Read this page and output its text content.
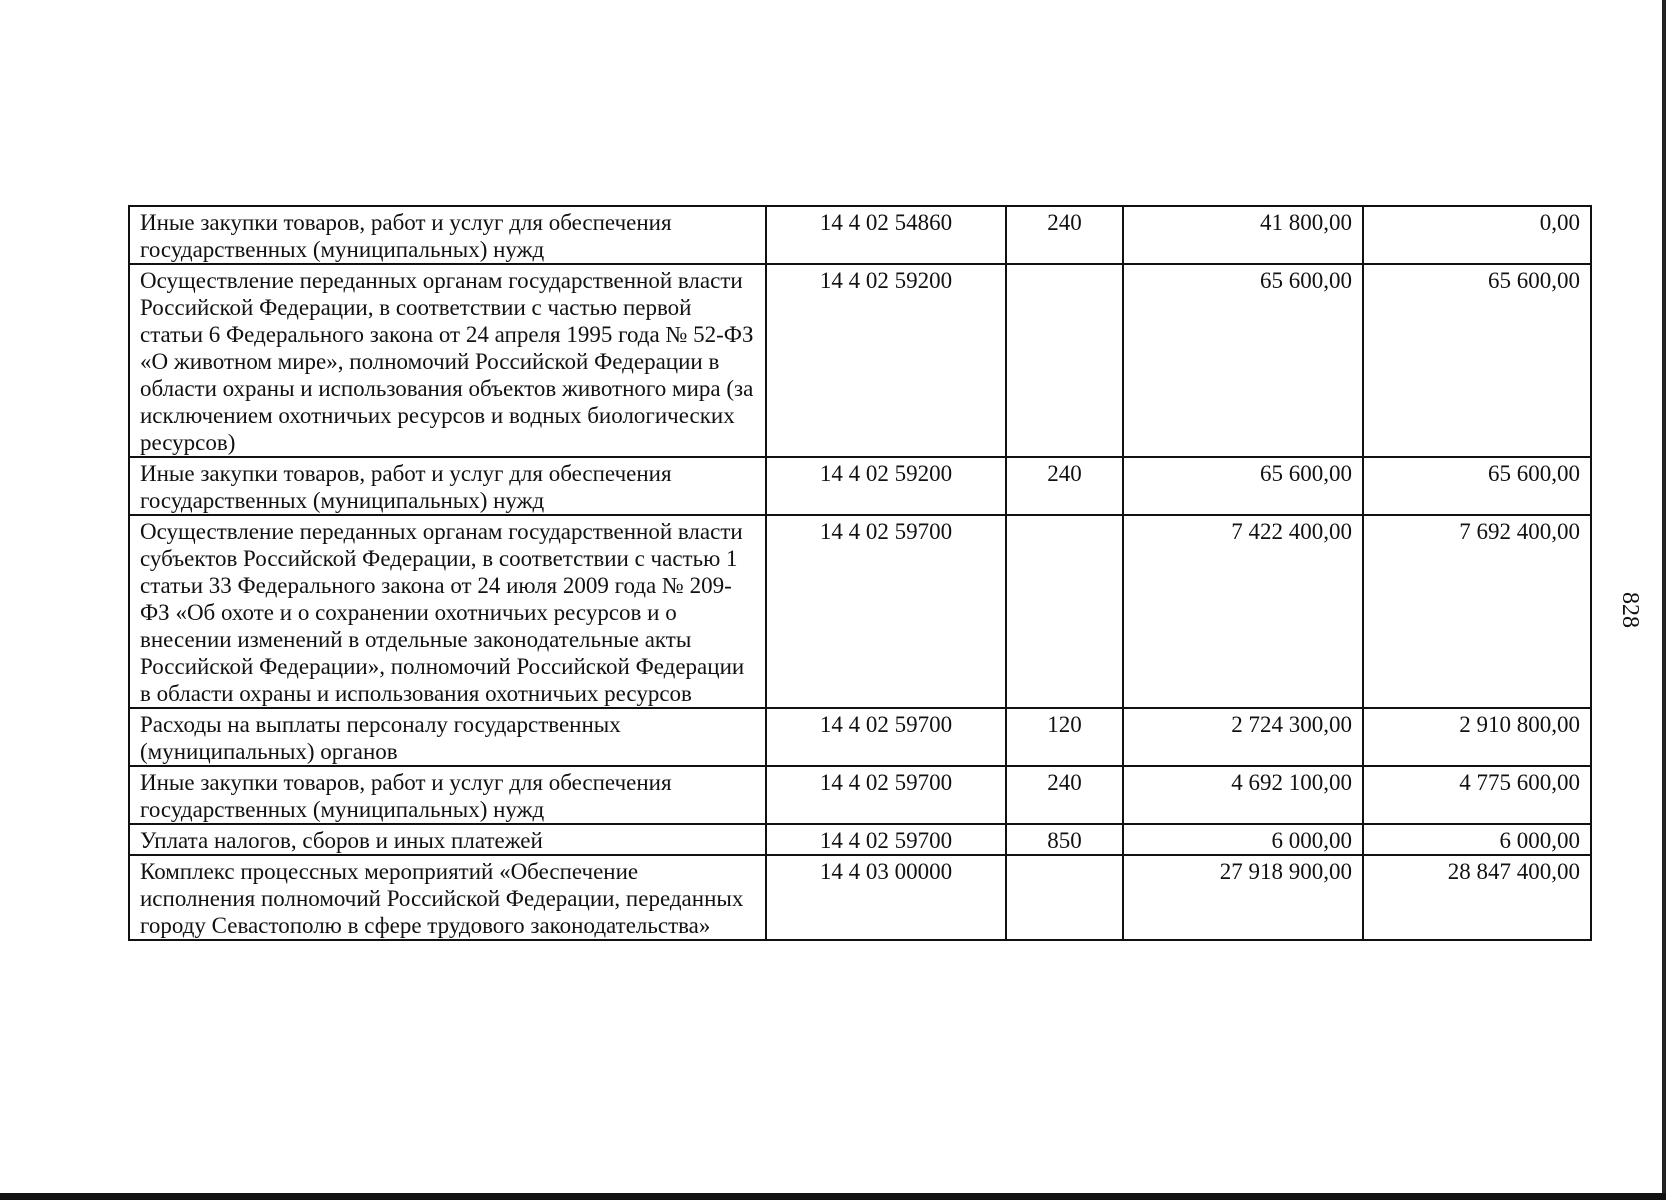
Иные закупки товаров, работ и услуг для обеспечения государственных (муниципальных) нужд	14 4 02 54860	240	41 800,00	0,00
Осуществление переданных органам государственной власти Российской Федерации, в соответствии с частью первой статьи 6 Федерального закона от 24 апреля 1995 года № 52-ФЗ «О животном мире», полномочий Российской Федерации в области охраны и использования объектов животного мира (за исключением охотничьих ресурсов и водных биологических ресурсов)	14 4 02 59200		65 600,00	65 600,00
Иные закупки товаров, работ и услуг для обеспечения государственных (муниципальных) нужд	14 4 02 59200	240	65 600,00	65 600,00
Осуществление переданных органам государственной власти субъектов Российской Федерации, в соответствии с частью 1 статьи 33 Федерального закона от 24 июля 2009 года № 209-ФЗ «Об охоте и о сохранении охотничьих ресурсов и о внесении изменений в отдельные законодательные акты Российской Федерации», полномочий Российской Федерации в области охраны и использования охотничьих ресурсов	14 4 02 59700		7 422 400,00	7 692 400,00
Расходы на выплаты персоналу государственных (муниципальных) органов	14 4 02 59700	120	2 724 300,00	2 910 800,00
Иные закупки товаров, работ и услуг для обеспечения государственных (муниципальных) нужд	14 4 02 59700	240	4 692 100,00	4 775 600,00
Уплата налогов, сборов и иных платежей	14 4 02 59700	850	6 000,00	6 000,00
Комплекс процессных мероприятий «Обеспечение исполнения полномочий Российской Федерации, переданных городу Севастополю в сфере трудового законодательства»	14 4 03 00000		27 918 900,00	28 847 400,00
828
